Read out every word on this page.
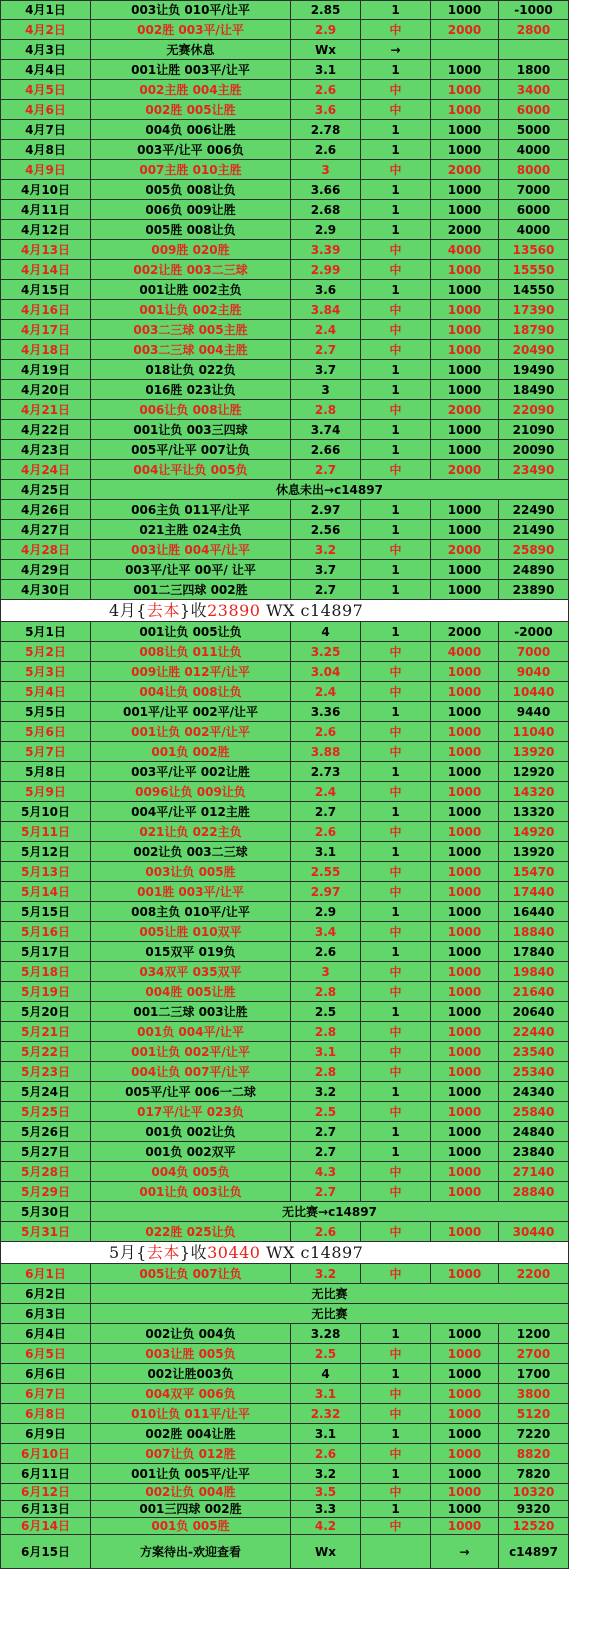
4月1日	003让负 010平/让平	2.85	1	1000	-1000
4月2日	002胜 003平/让平	2.9	中	2000	2800
4月3日	无赛休息	Wx	→		
4月4日	001让胜 003平/让平	3.1	1	1000	1800
4月5日	002主胜 004主胜	2.6	中	1000	3400
4月6日	002胜 005让胜	3.6	中	1000	6000
4月7日	004负 006让胜	2.78	1	1000	5000
4月8日	003平/让平 006负	2.6	1	1000	4000
4月9日	007主胜 010主胜	3	中	2000	8000
4月10日	005负 008让负	3.66	1	1000	7000
4月11日	006负 009让胜	2.68	1	1000	6000
4月12日	005胜 008让负	2.9	1	2000	4000
4月13日	009胜 020胜	3.39	中	4000	13560
4月14日	002让胜 003二三球	2.99	中	1000	15550
4月15日	001让胜 002主负	3.6	1	1000	14550
4月16日	001让负 002主胜	3.84	中	1000	17390
4月17日	003二三球 005主胜	2.4	中	1000	18790
4月18日	003二三球 004主胜	2.7	中	1000	20490
4月19日	018让负 022负	3.7	1	1000	19490
4月20日	016胜 023让负	3	1	1000	18490
4月21日	006让负 008让胜	2.8	中	2000	22090
4月22日	001让负 003三四球	3.74	1	1000	21090
4月23日	005平/让平 007让负	2.66	1	1000	20090
4月24日	004让平让负 005负	2.7	中	2000	23490
4月25日	休息未出→c14897				
4月26日	006主负 011平/让平	2.97	1	1000	22490
4月27日	021主胜 024主负	2.56	1	1000	21490
4月28日	003让胜 004平/让平	3.2	中	2000	25890
4月29日	003平/让平 00平/ 让平	3.7	1	1000	24890
4月30日	001二三四球 002胜	2.7	1	1000	23890
4月{去本}收23890 WX c14897					
5月1日	001让负 005让负	4	1	2000	-2000
5月2日	008让负 011让负	3.25	中	4000	7000
5月3日	009让胜 012平/让平	3.04	中	1000	9040
5月4日	004让负 008让负	2.4	中	1000	10440
5月5日	001平/让平 002平/让平	3.36	1	1000	9440
5月6日	001让负 002平/让平	2.6	中	1000	11040
5月7日	001负 002胜	3.88	中	1000	13920
5月8日	003平/让平 002让胜	2.73	1	1000	12920
5月9日	0096让负 009让负	2.4	中	1000	14320
5月10日	004平/让平 012主胜	2.7	1	1000	13320
5月11日	021让负 022主负	2.6	中	1000	14920
5月12日	002让负 003二三球	3.1	1	1000	13920
5月13日	003让负 005胜	2.55	中	1000	15470
5月14日	001胜 003平/让平	2.97	中	1000	17440
5月15日	008主负 010平/让平	2.9	1	1000	16440
5月16日	005让胜 010双平	3.4	中	1000	18840
5月17日	015双平 019负	2.6	1	1000	17840
5月18日	034双平 035双平	3	中	1000	19840
5月19日	004胜 005让胜	2.8	中	1000	21640
5月20日	001二三球 003让胜	2.5	1	1000	20640
5月21日	001负 004平/让平	2.8	中	1000	22440
5月22日	001让负 002平/让平	3.1	中	1000	23540
5月23日	004让负 007平/让平	2.8	中	1000	25340
5月24日	005平/让平 006一二球	3.2	1	1000	24340
5月25日	017平/让平 023负	2.5	中	1000	25840
5月26日	001负 002让负	2.7	1	1000	24840
5月27日	001负 002双平	2.7	1	1000	23840
5月28日	004负 005负	4.3	中	1000	27140
5月29日	001让负 003让负	2.7	中	1000	28840
5月30日	无比赛→c14897				
5月31日	022胜 025让负	2.6	中	1000	30440
5月{去本}收30440 WX c14897					
6月1日	005让负 007让负	3.2	中	1000	2200
6月2日	无比赛				
6月3日	无比赛				
6月4日	002让负 004负	3.28	1	1000	1200
6月5日	003让胜 005负	2.5	中	1000	2700
6月6日	002让胜003负	4	1	1000	1700
6月7日	004双平 006负	3.1	中	1000	3800
6月8日	010让负 011平/让平	2.32	中	1000	5120
6月9日	002胜 004让胜	3.1	1	1000	7220
6月10日	007让负 012胜	2.6	中	1000	8820
6月11日	001让负 005平/让平	3.2	1	1000	7820
6月12日	002让负 004胜	3.5	中	1000	10320
6月13日	001三四球 002胜	3.3	1	1000	9320
6月14日	001负 005胜	4.2	中	1000	12520
6月15日	方案待出-欢迎查看	Wx		→	c14897
